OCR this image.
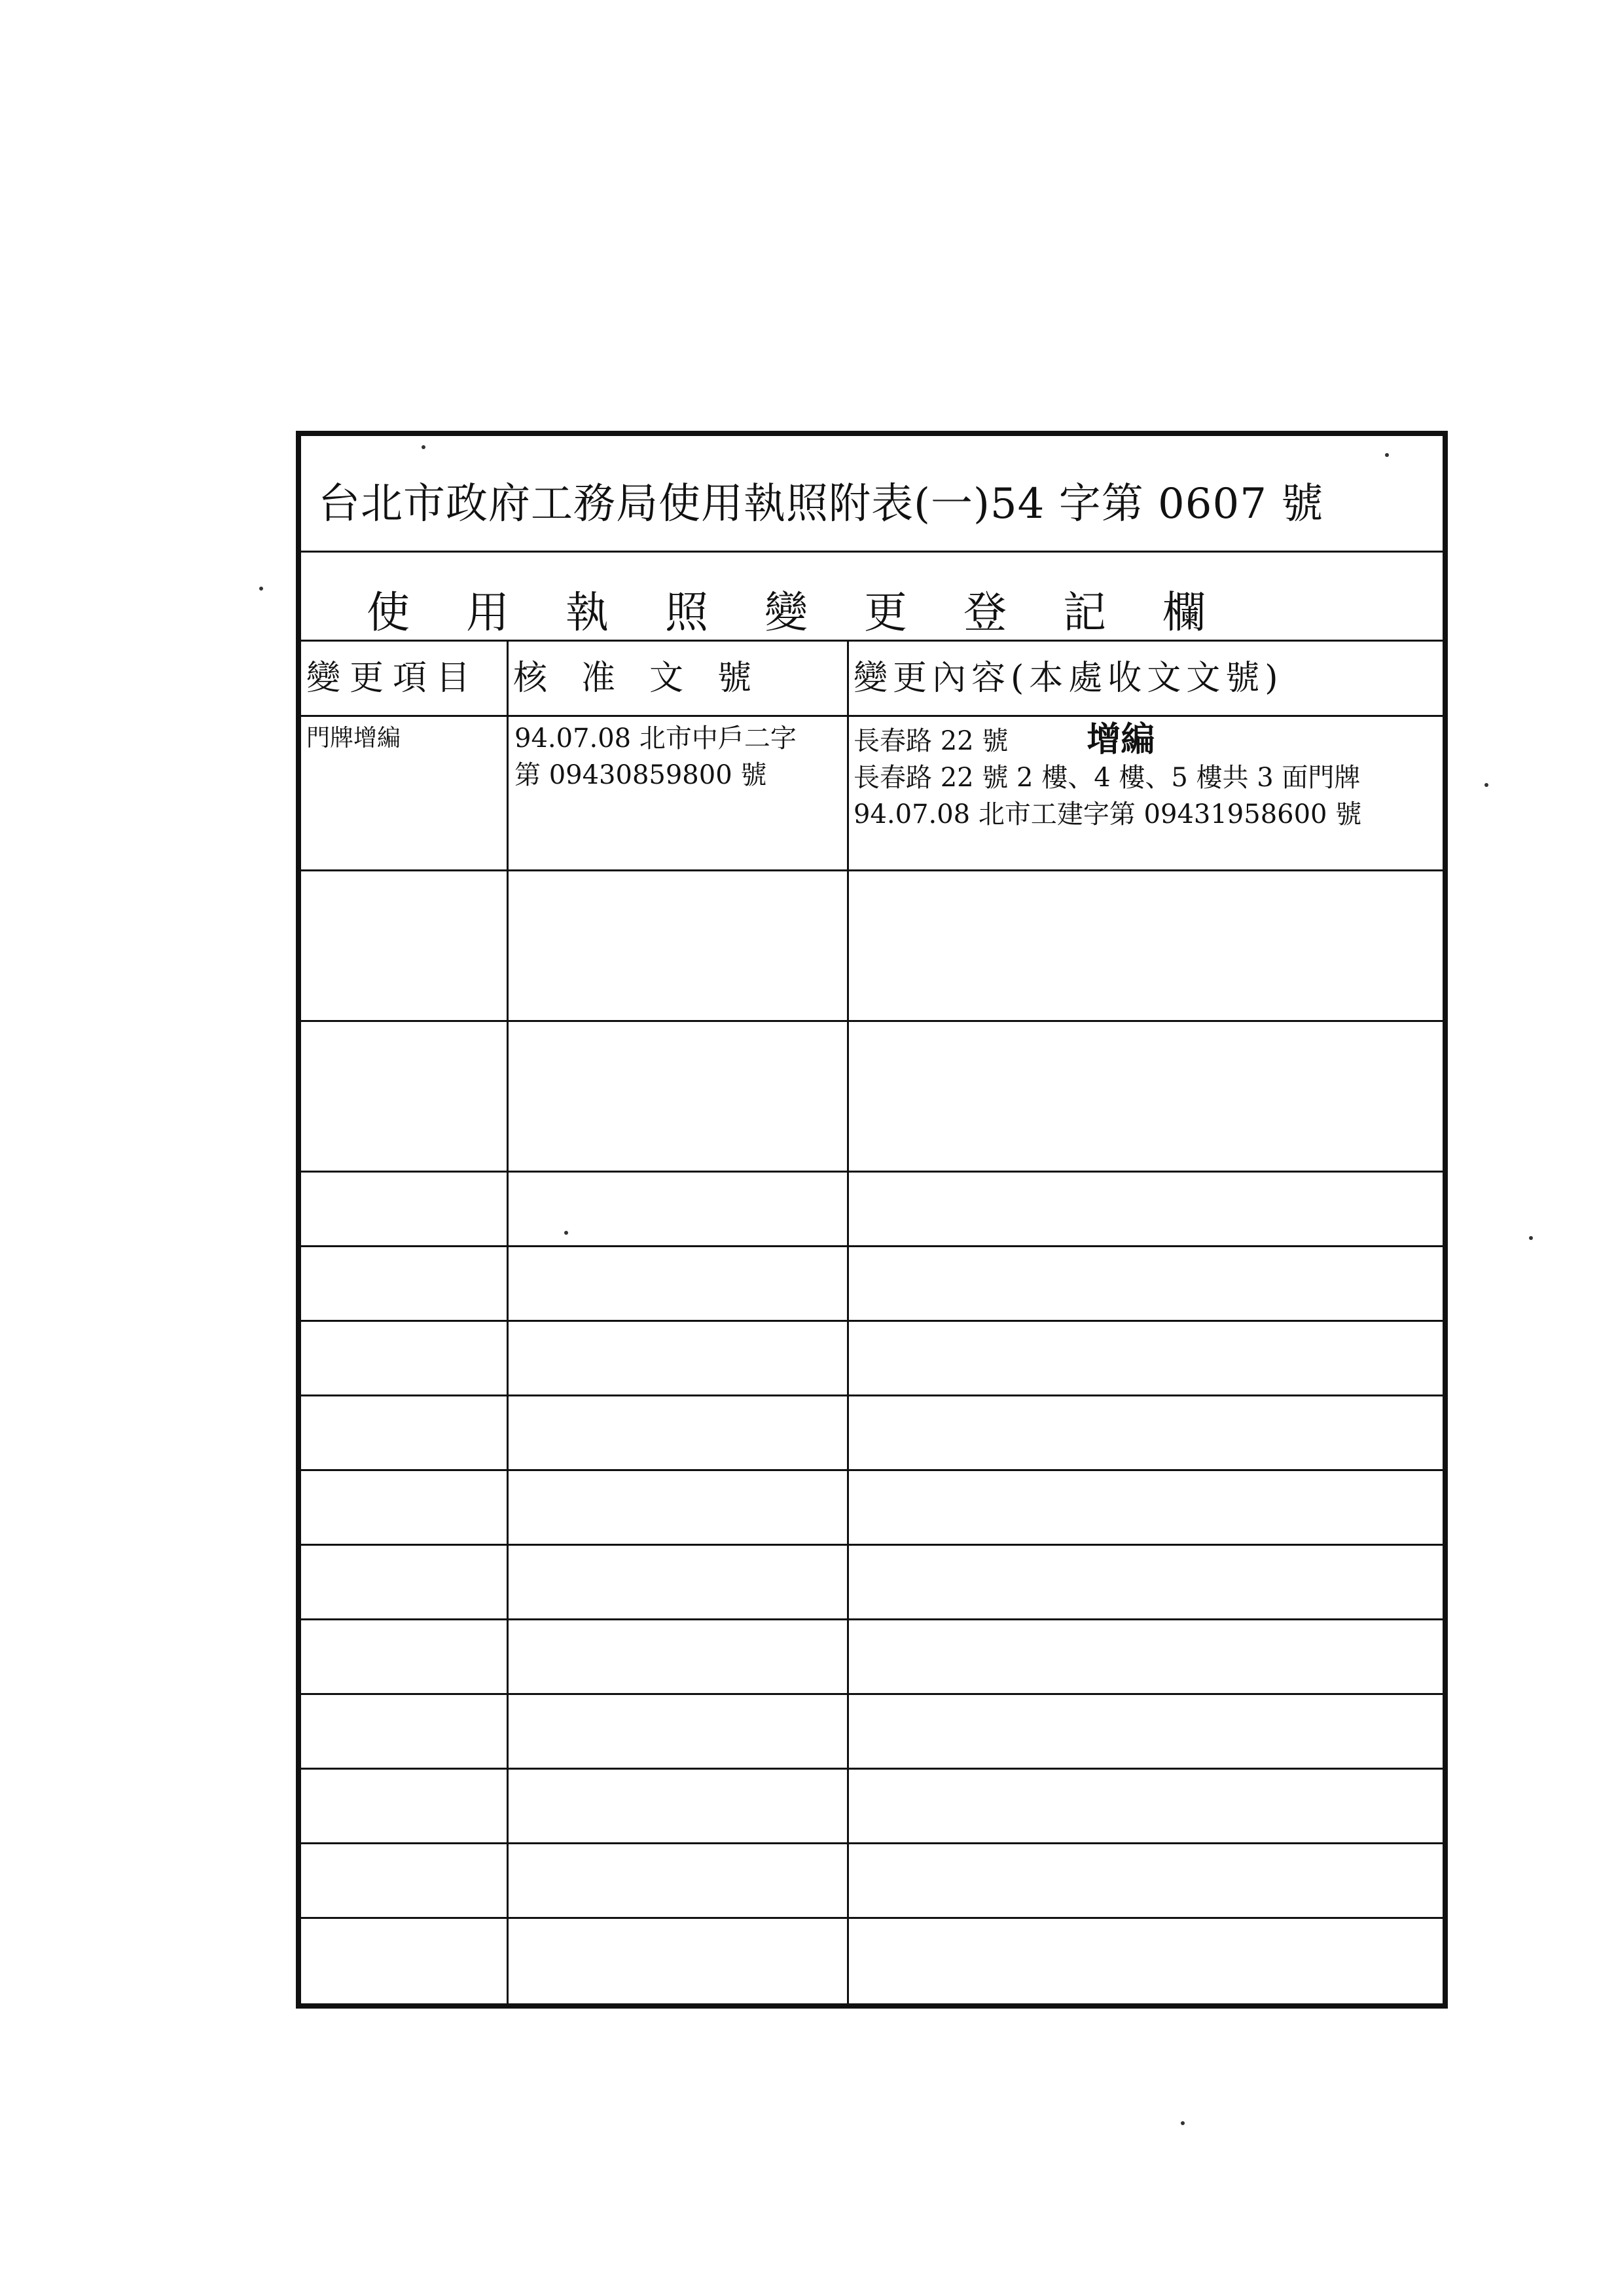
台北市政府工務局使用執照附表(一)54 字第 0607 號
使用執照變更登記欄
變更項目 核　准　文　號	變更內容(本處收文文號)
門牌增編	94.07.08 北市中戶二字
第 09430859800 號
長春路 22 號 增編
長春路 22 號 2 樓、4 樓、5 樓共 3 面門牌
94.07.08 北市工建字第 09431958600 號
